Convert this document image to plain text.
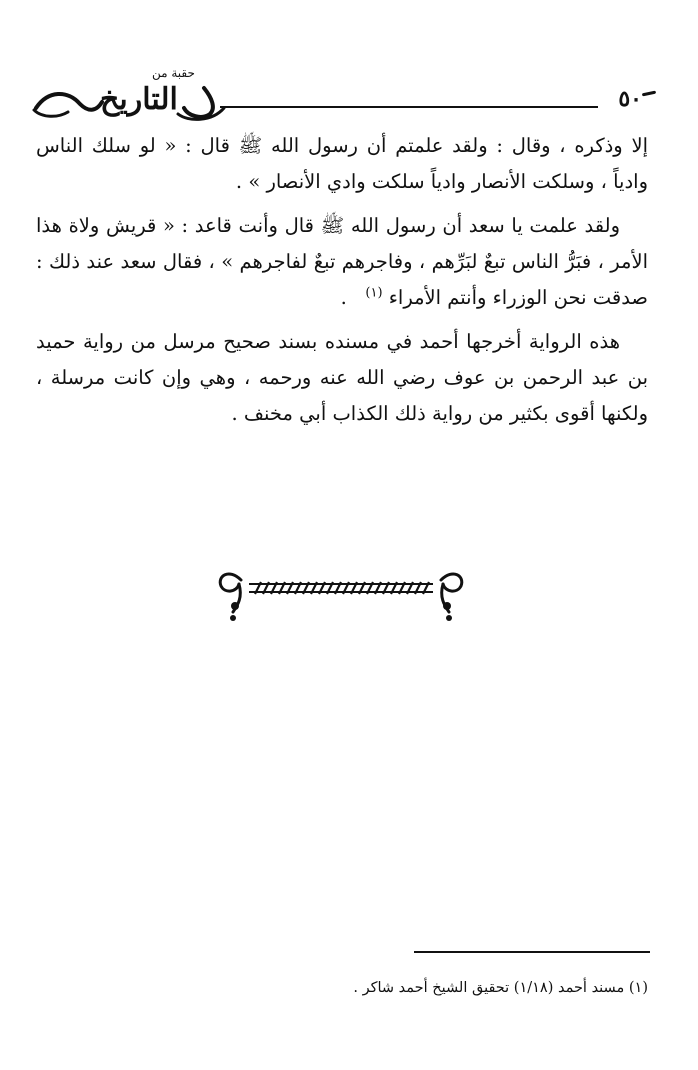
حقبة من
التاريخ	٥٠

إلا وذكره ، وقال : ولقد علمتم أن رسول الله ﷺ قال : « لو سلك الناس وادياً ، وسلكت الأنصار وادياً سلكت وادي الأنصار » .

ولقد علمت يا سعد أن رسول الله ﷺ قال وأنت قاعد : « قريش ولاة هذا الأمر ، فبَرُّ الناس تبعٌ لبَرِّهم ، وفاجرهم تبعٌ لفاجرهم » ، فقال سعد عند ذلك : صدقت نحن الوزراء وأنتم الأمراء $^{(١)}$   .

هذه الرواية أخرجها أحمد في مسنده بسند صحيح مرسل من رواية حميد بن عبد الرحمن بن عوف رضي الله عنه ورحمه ، وهي وإن كانت مرسلة ، ولكنها أقوى بكثير من رواية ذلك الكذاب أبي مخنف .

(١) مسند أحمد (١/١٨) تحقيق الشيخ أحمد شاكر .
